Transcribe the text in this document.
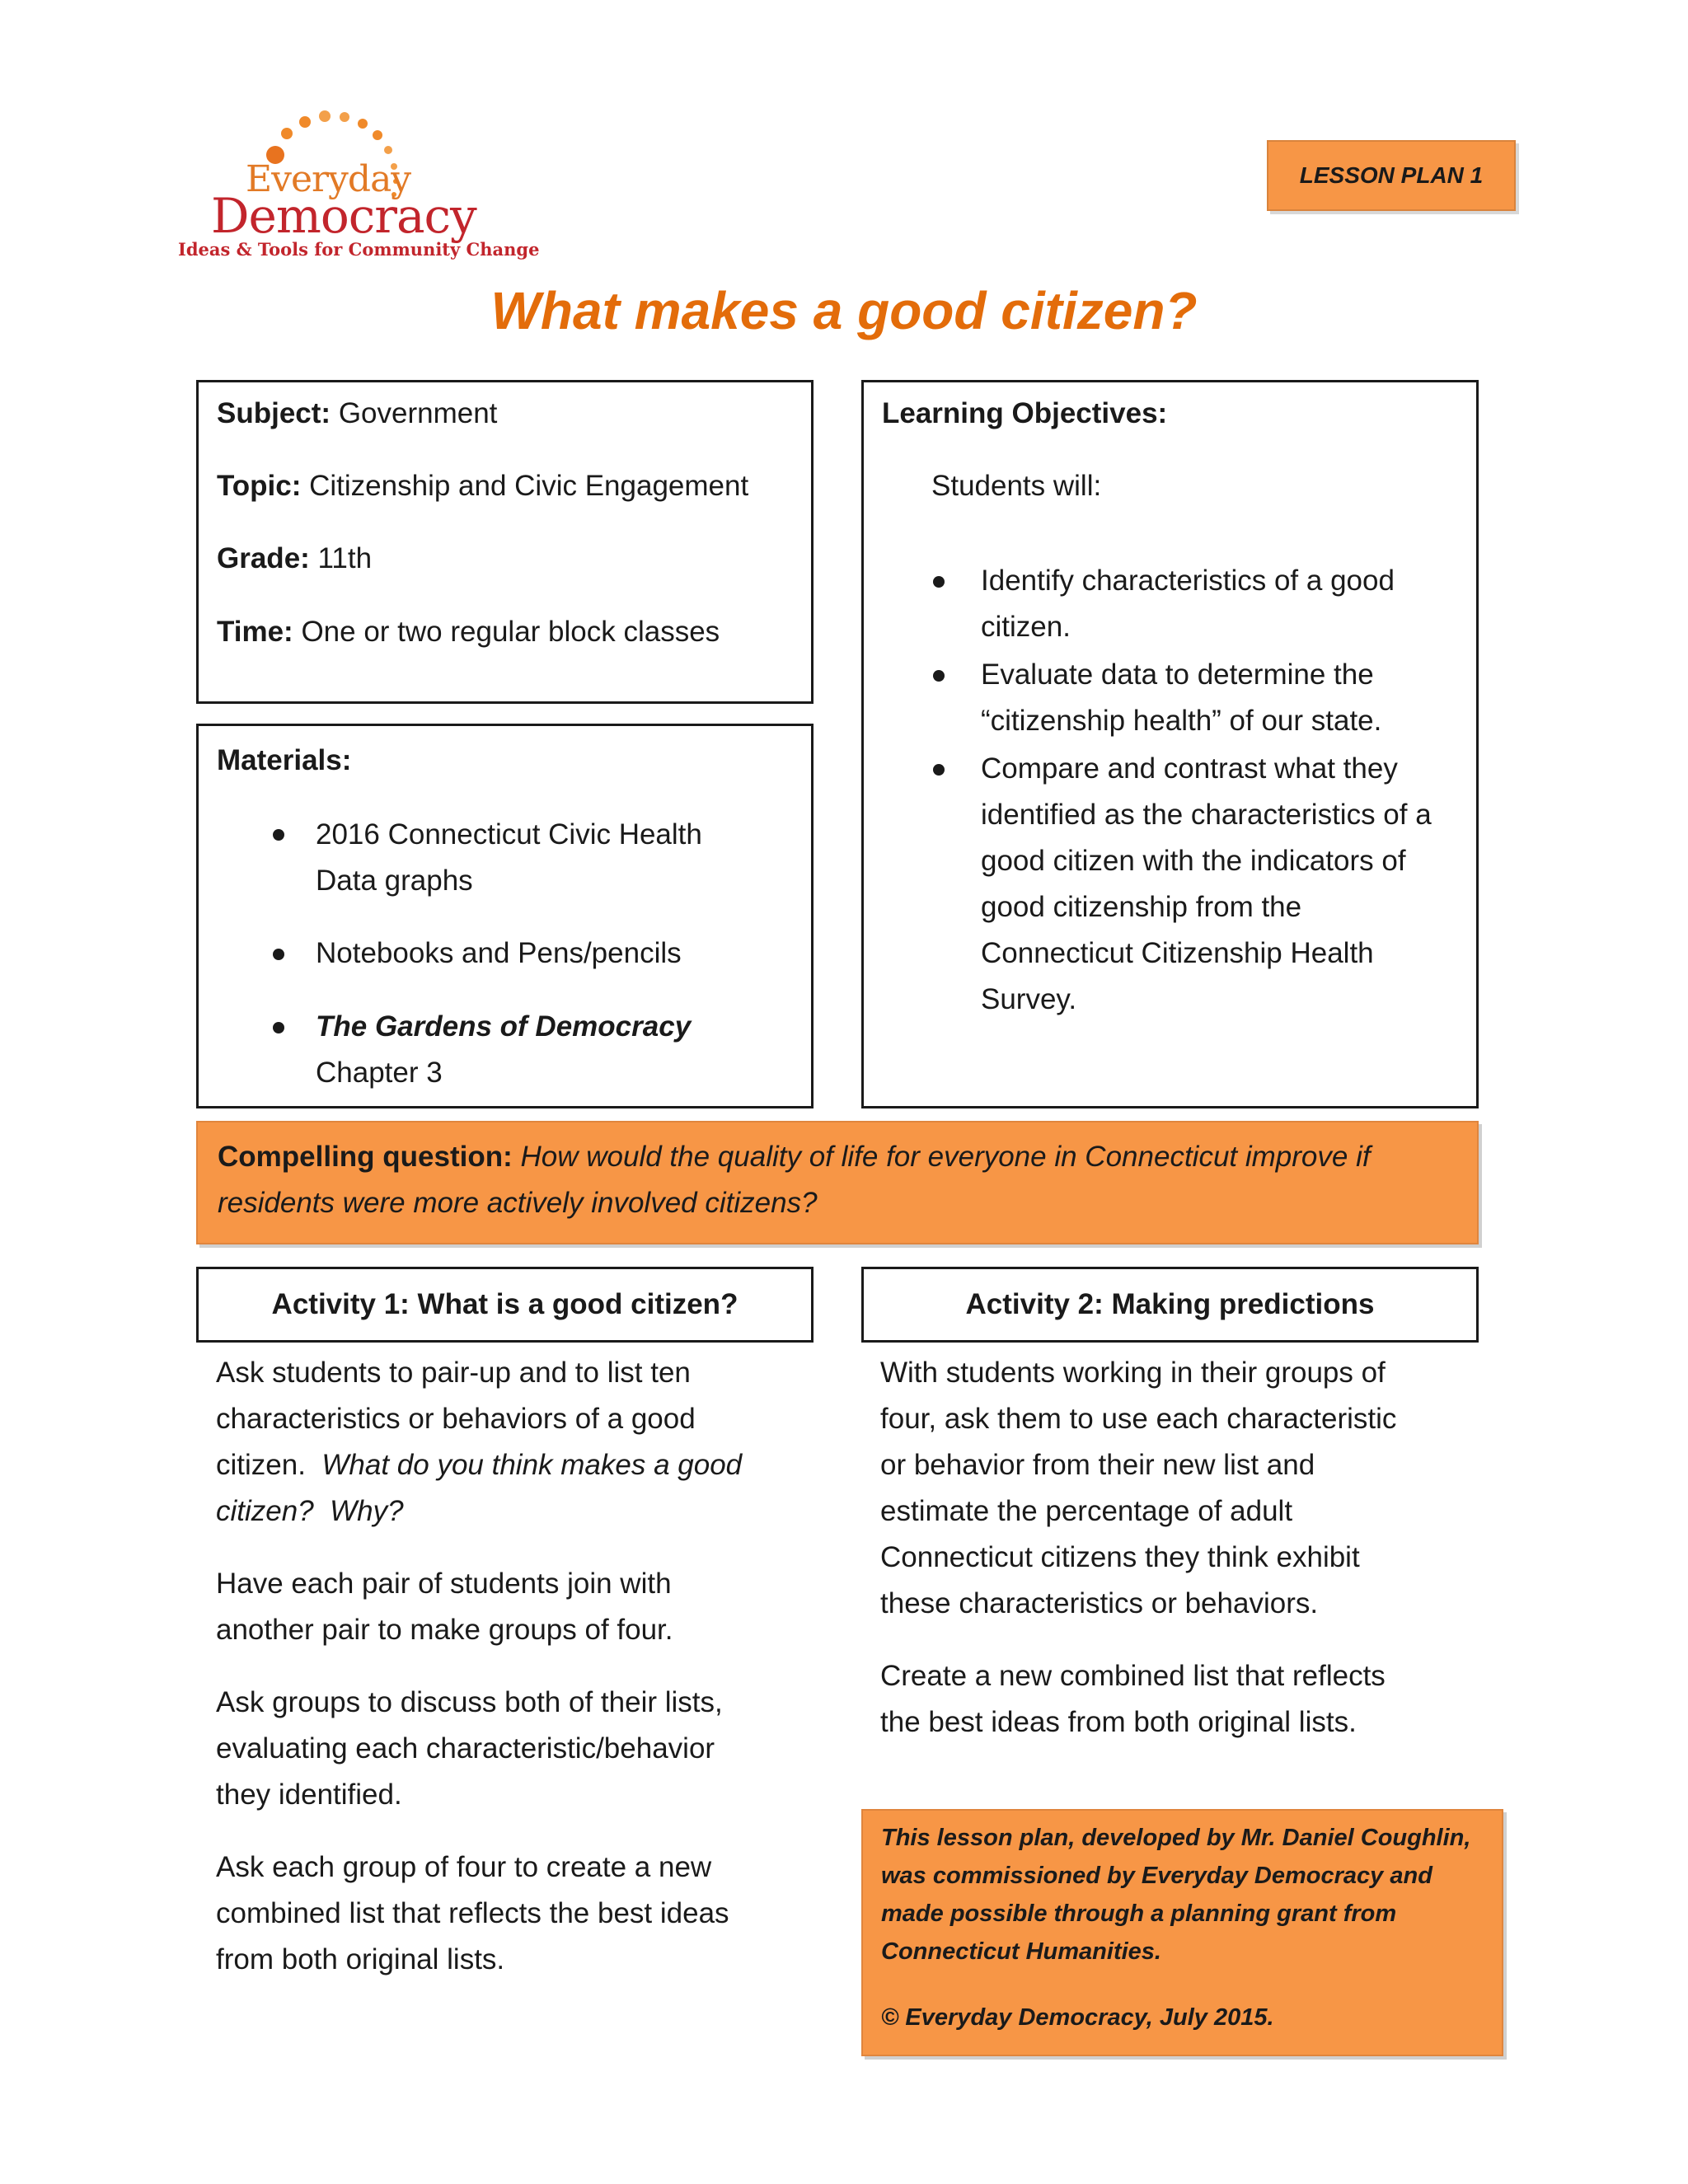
Everyday
Democracy
Ideas & Tools for Community Change
LESSON PLAN 1
What makes a good citizen?
Subject: Government
Topic: Citizenship and Civic Engagement
Grade: 11th
Time: One or two regular block classes
Materials:
2016 Connecticut Civic Health
Data graphs
Notebooks and Pens/pencils
The Gardens of Democracy
Chapter 3
Learning Objectives:
Students will:
Identify characteristics of a good
citizen.
Evaluate data to determine the
“citizenship health” of our state.
Compare and contrast what they
identified as the characteristics of a
good citizen with the indicators of
good citizenship from the
Connecticut Citizenship Health
Survey.
Compelling question: How would the quality of life for everyone in Connecticut improve if
residents were more actively involved citizens?
Activity 1: What is a good citizen?	Activity 2: Making predictions
Ask students to pair-up and to list ten
characteristics or behaviors of a good
citizen.  What do you think makes a good
citizen?  Why?
Have each pair of students join with
another pair to make groups of four.
Ask groups to discuss both of their lists,
evaluating each characteristic/behavior
they identified.
Ask each group of four to create a new
combined list that reflects the best ideas
from both original lists.
With students working in their groups of
four, ask them to use each characteristic
or behavior from their new list and
estimate the percentage of adult
Connecticut citizens they think exhibit
these characteristics or behaviors.
Create a new combined list that reflects
the best ideas from both original lists.
This lesson plan, developed by Mr. Daniel Coughlin,
was commissioned by Everyday Democracy and
made possible through a planning grant from
Connecticut Humanities.
© Everyday Democracy, July 2015.
